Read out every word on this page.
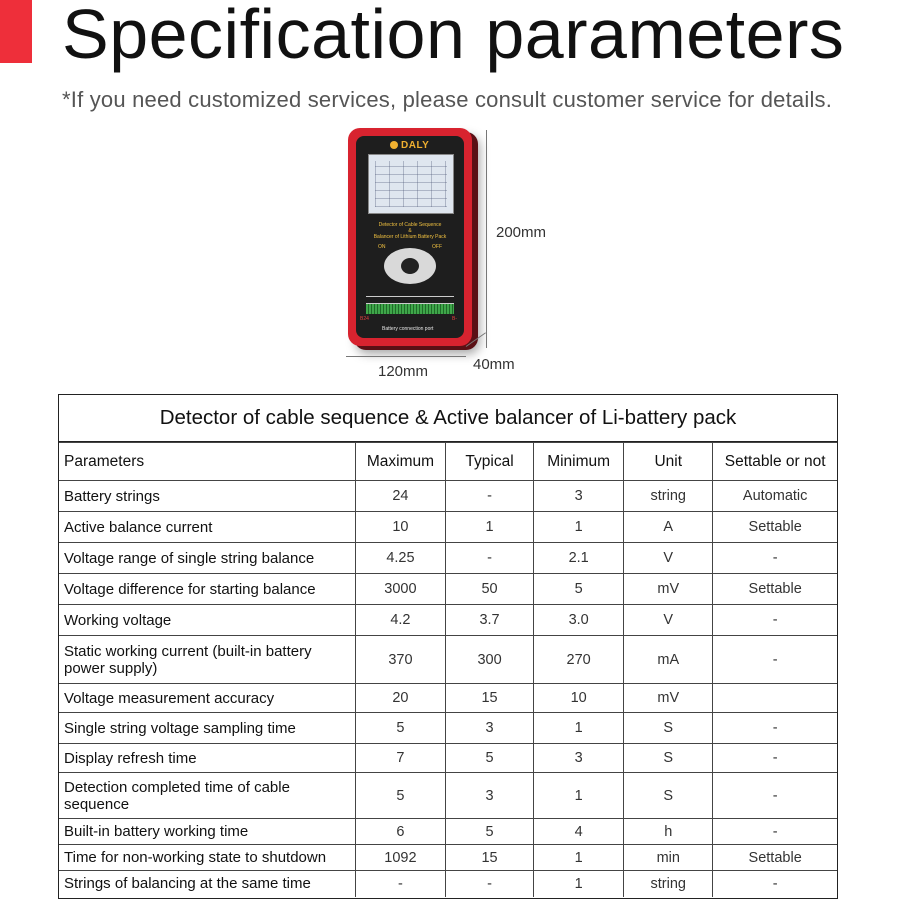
Specification parameters
*If you need customized services, please consult customer service for details.
DALY
Detector of Cable Sequence
&
Balancer of Lithium Battery Pack
ON	OFF
B24	B-
Battery connection port
200mm
120mm	40mm
Detector of cable sequence & Active balancer of Li-battery pack
Parameters	Maximum	Typical	Minimum	Unit	Settable or not
Battery strings	24	-	3	string	Automatic
Active balance current	10	1	1	A	Settable
Voltage range of single string balance	4.25	-	2.1	V	-
Voltage difference for starting balance	3000	50	5	mV	Settable
Working voltage	4.2	3.7	3.0	V	-
Static working current (built-in battery power supply)	370	300	270	mA	-
Voltage measurement accuracy	20	15	10	mV	
Single string voltage sampling time	5	3	1	S	-
Display refresh time	7	5	3	S	-
Detection completed time of cable sequence	5	3	1	S	-
Built-in battery working time	6	5	4	h	-
Time for non-working state to shutdown	1092	15	1	min	Settable
Strings of balancing at the same time	-	-	1	string	-
